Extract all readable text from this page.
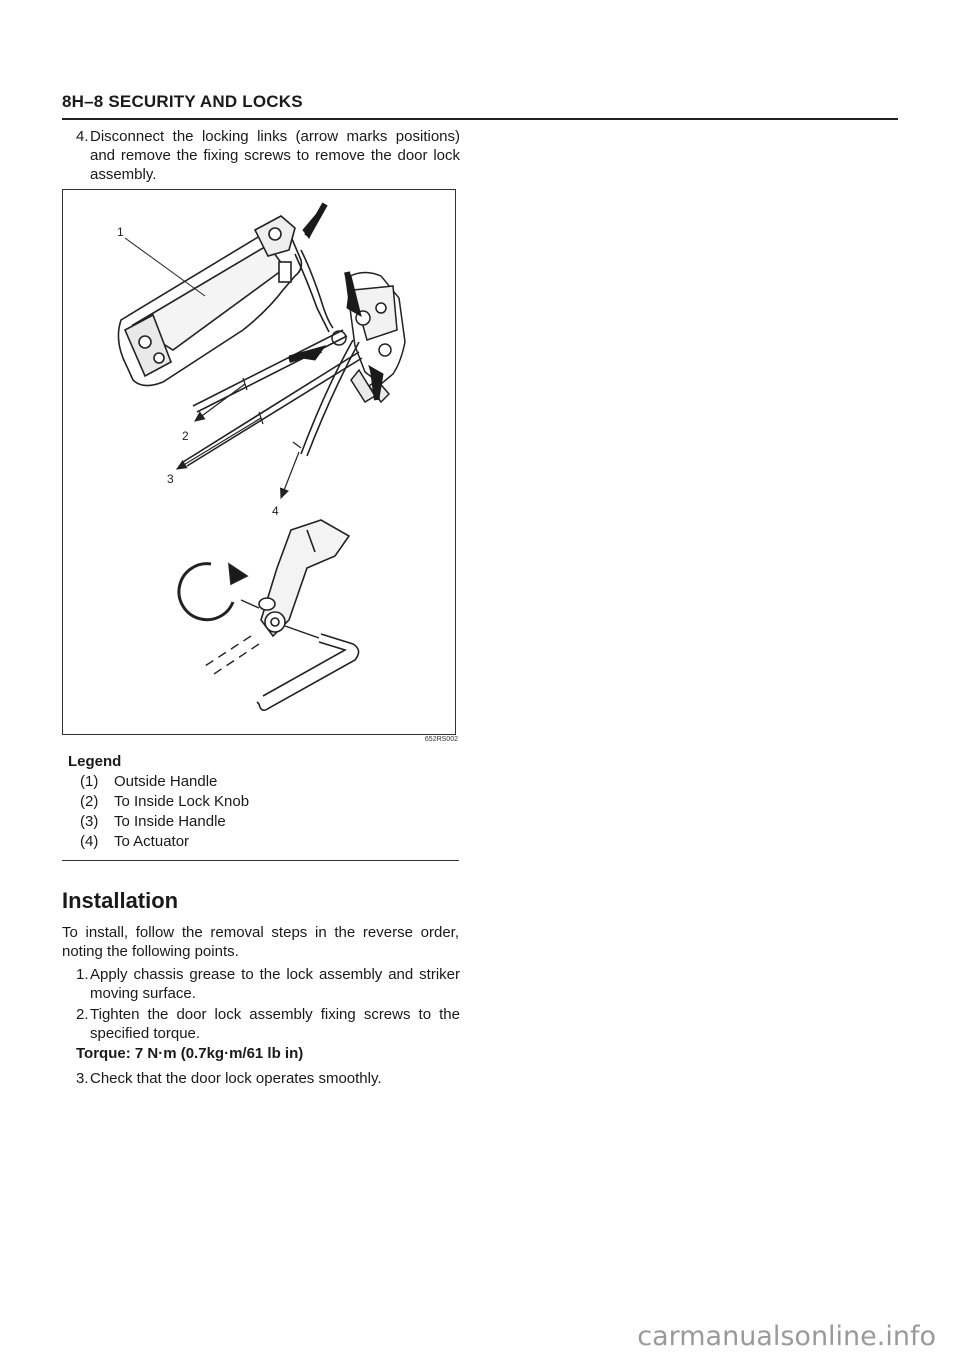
8H–8 SECURITY AND LOCKS
4. Disconnect the locking links (arrow marks positions) and remove the fixing screws to remove the door lock assembly.
1
2
3
4
652RS002
Legend
(1) Outside Handle
(2) To Inside Lock Knob
(3) To Inside Handle
(4) To Actuator
Installation
To install, follow the removal steps in the reverse order, noting the following points.
1. Apply chassis grease to the lock assembly and striker moving surface.
2. Tighten the door lock assembly fixing screws to the specified torque.
Torque: 7 N·m (0.7kg·m/61 lb in)
3. Check that the door lock operates smoothly.
carmanualsonline.info
